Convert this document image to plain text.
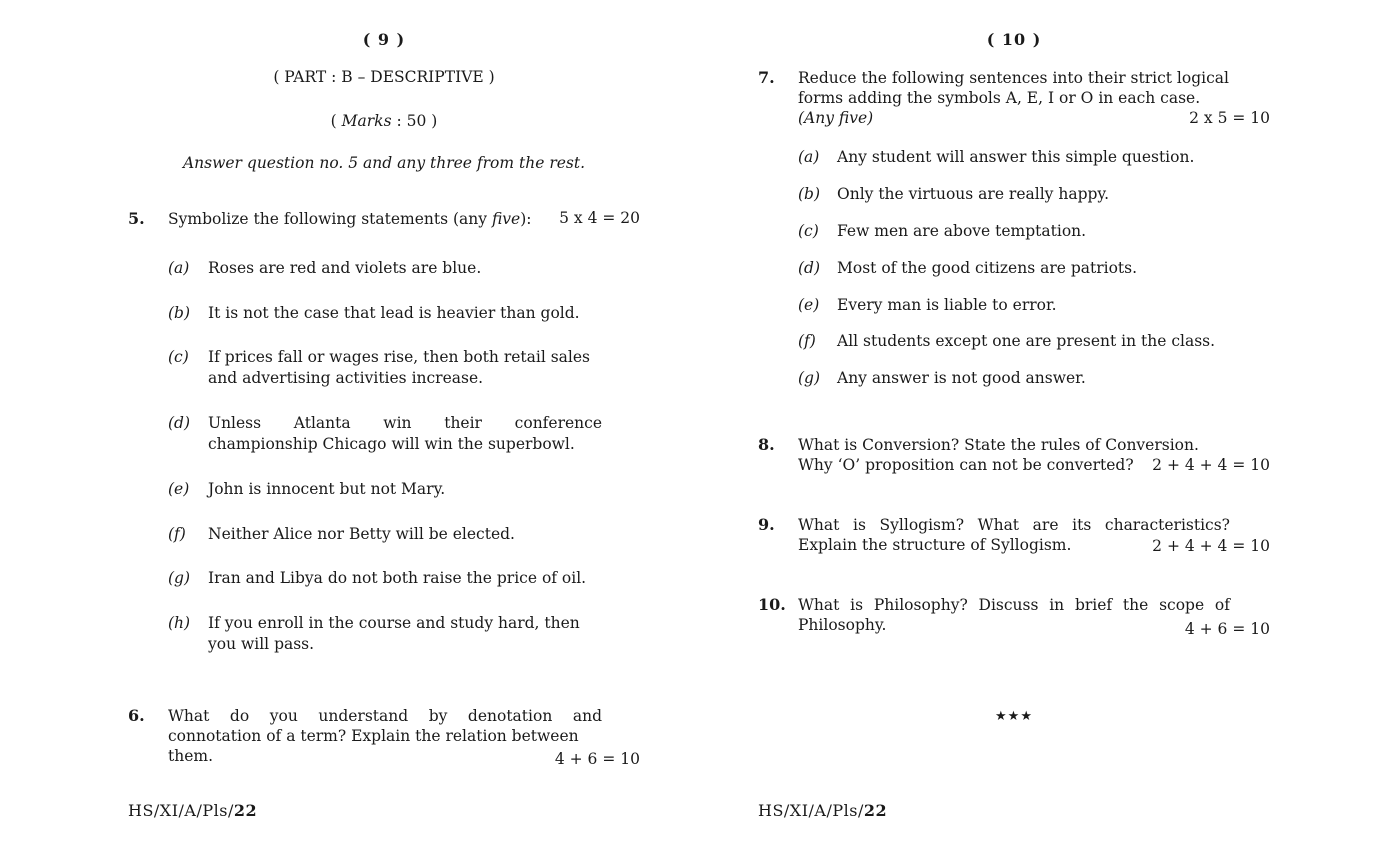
( 9 )
( PART : B – DESCRIPTIVE )
( Marks : 50 )
Answer question no. 5 and any three from the rest.
5. Symbolize the following statements (any five):	5 x 4 = 20
(a) Roses are red and violets are blue.
(b) It is not the case that lead is heavier than gold.
(c) If prices fall or wages rise, then both retail sales
and advertising activities increase.
(d) Unless Atlanta win their conference
championship Chicago will win the superbowl.
(e) John is innocent but not Mary.
(f) Neither Alice nor Betty will be elected.
(g) Iran and Libya do not both raise the price of oil.
(h) If you enroll in the course and study hard, then
you will pass.
6. What do you understand by denotation and
connotation of a term? Explain the relation between
them.	4 + 6 = 10
HS/XI/A/Pls/22
( 10 )
7. Reduce the following sentences into their strict logical
forms adding the symbols A, E, I or O in each case.
(Any five)	2 x 5 = 10
(a) Any student will answer this simple question.
(b) Only the virtuous are really happy.
(c) Few men are above temptation.
(d) Most of the good citizens are patriots.
(e) Every man is liable to error.
(f) All students except one are present in the class.
(g) Any answer is not good answer.
8. What is Conversion? State the rules of Conversion.
Why ‘O’ proposition can not be converted?	2 + 4 + 4 = 10
9. What is Syllogism? What are its characteristics?
Explain the structure of Syllogism.	2 + 4 + 4 = 10
10. What is Philosophy? Discuss in brief the scope of
Philosophy.	4 + 6 = 10
★★★
HS/XI/A/Pls/22
